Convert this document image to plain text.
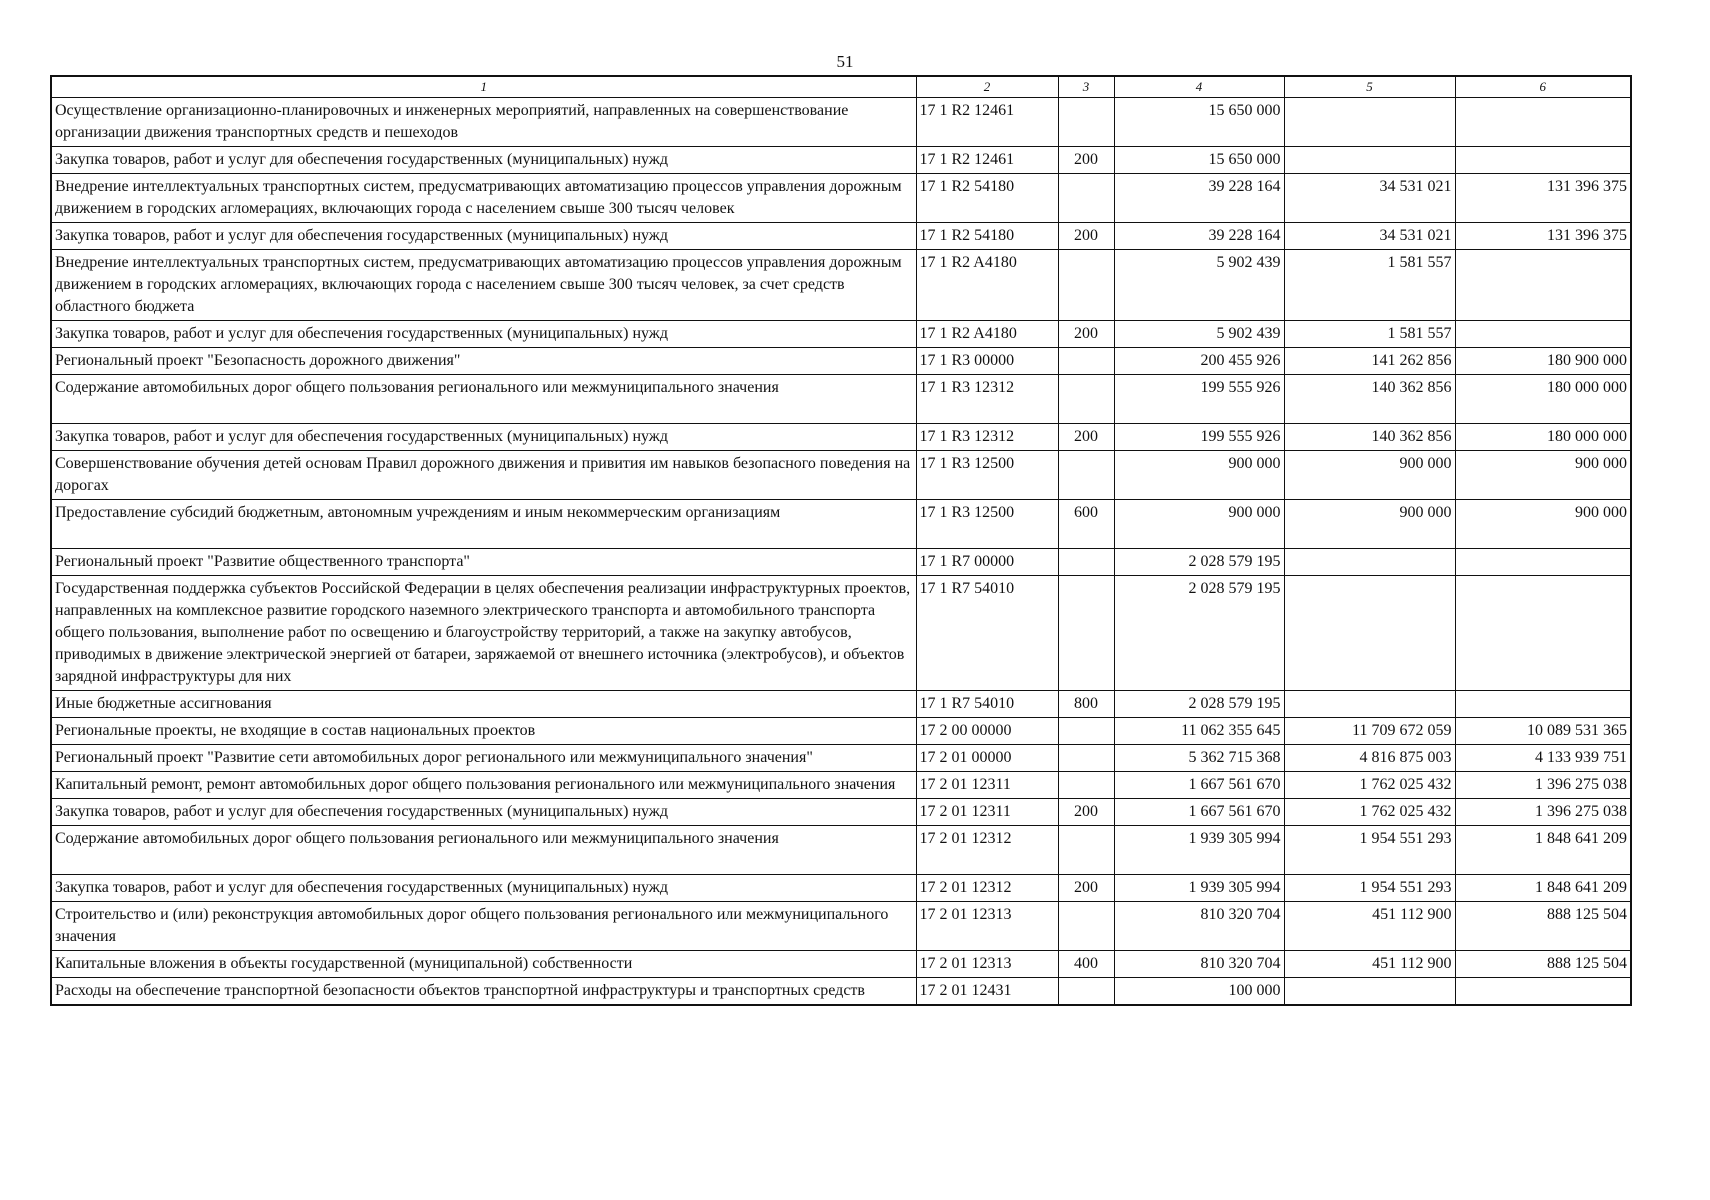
51
1	2	3	4	5	6
Осуществление организационно-планировочных и инженерных мероприятий, направленных на совершенствование организации движения транспортных средств и пешеходов	17 1 R2 12461		15 650 000		
Закупка товаров, работ и услуг для обеспечения государственных (муниципальных) нужд	17 1 R2 12461	200	15 650 000		
Внедрение интеллектуальных транспортных систем, предусматривающих автоматизацию процессов управления дорожным движением в городских агломерациях, включающих города с населением свыше 300 тысяч человек	17 1 R2 54180		39 228 164	34 531 021	131 396 375
Закупка товаров, работ и услуг для обеспечения государственных (муниципальных) нужд	17 1 R2 54180	200	39 228 164	34 531 021	131 396 375
Внедрение интеллектуальных транспортных систем, предусматривающих автоматизацию процессов управления дорожным движением в городских агломерациях, включающих города с населением свыше 300 тысяч человек, за счет средств областного бюджета	17 1 R2 A4180		5 902 439	1 581 557	
Закупка товаров, работ и услуг для обеспечения государственных (муниципальных) нужд	17 1 R2 A4180	200	5 902 439	1 581 557	
Региональный проект "Безопасность дорожного движения"	17 1 R3 00000		200 455 926	141 262 856	180 900 000
Содержание автомобильных дорог общего пользования регионального или межмуниципального значения	17 1 R3 12312		199 555 926	140 362 856	180 000 000
Закупка товаров, работ и услуг для обеспечения государственных (муниципальных) нужд	17 1 R3 12312	200	199 555 926	140 362 856	180 000 000
Совершенствование обучения детей основам Правил дорожного движения и привития им навыков безопасного поведения на дорогах	17 1 R3 12500		900 000	900 000	900 000
Предоставление субсидий бюджетным, автономным учреждениям и иным некоммерческим организациям	17 1 R3 12500	600	900 000	900 000	900 000
Региональный проект "Развитие общественного транспорта"	17 1 R7 00000		2 028 579 195		
Государственная поддержка субъектов Российской Федерации в целях обеспечения реализации инфраструктурных проектов, направленных на комплексное развитие городского наземного электрического транспорта и автомобильного транспорта общего пользования, выполнение работ по освещению и благоустройству территорий, а также на закупку автобусов, приводимых в движение электрической энергией от батареи, заряжаемой от внешнего источника (электробусов), и объектов зарядной инфраструктуры для них	17 1 R7 54010		2 028 579 195		
Иные бюджетные ассигнования	17 1 R7 54010	800	2 028 579 195		
Региональные проекты, не входящие в состав национальных проектов	17 2 00 00000		11 062 355 645	11 709 672 059	10 089 531 365
Региональный проект "Развитие сети автомобильных дорог регионального или межмуниципального значения"	17 2 01 00000		5 362 715 368	4 816 875 003	4 133 939 751
Капитальный ремонт, ремонт автомобильных дорог общего пользования регионального или межмуниципального значения	17 2 01 12311		1 667 561 670	1 762 025 432	1 396 275 038
Закупка товаров, работ и услуг для обеспечения государственных (муниципальных) нужд	17 2 01 12311	200	1 667 561 670	1 762 025 432	1 396 275 038
Содержание автомобильных дорог общего пользования регионального или межмуниципального значения	17 2 01 12312		1 939 305 994	1 954 551 293	1 848 641 209
Закупка товаров, работ и услуг для обеспечения государственных (муниципальных) нужд	17 2 01 12312	200	1 939 305 994	1 954 551 293	1 848 641 209
Строительство и (или) реконструкция автомобильных дорог общего пользования регионального или межмуниципального значения	17 2 01 12313		810 320 704	451 112 900	888 125 504
Капитальные вложения в объекты государственной (муниципальной) собственности	17 2 01 12313	400	810 320 704	451 112 900	888 125 504
Расходы на обеспечение транспортной безопасности объектов транспортной инфраструктуры и транспортных средств	17 2 01 12431		100 000		
